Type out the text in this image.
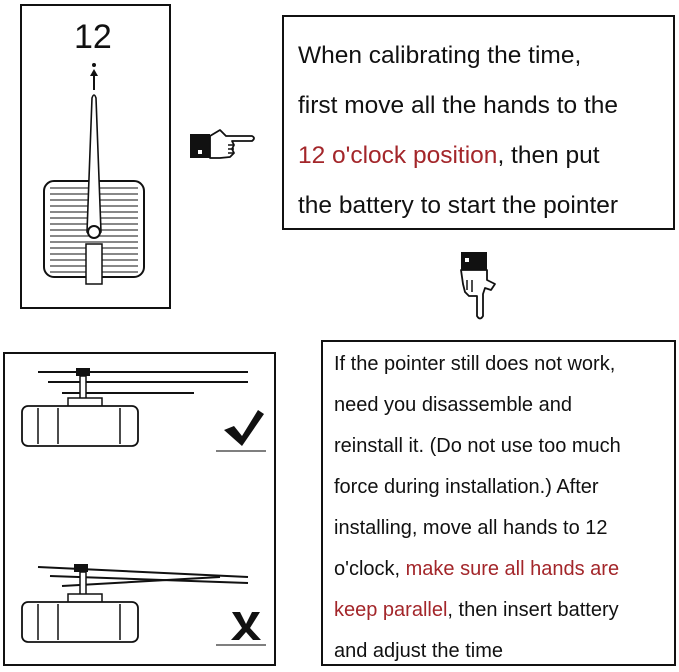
12	When calibrating the time,
first move all the hands to the
12 o'clock position, then put
the battery to start the pointer
If the pointer still does not work,
need you disassemble and
reinstall it. (Do not use too much
force during installation.) After
installing, move all hands to 12
o'clock, make sure all hands are
keep parallel, then insert battery
and adjust the time
